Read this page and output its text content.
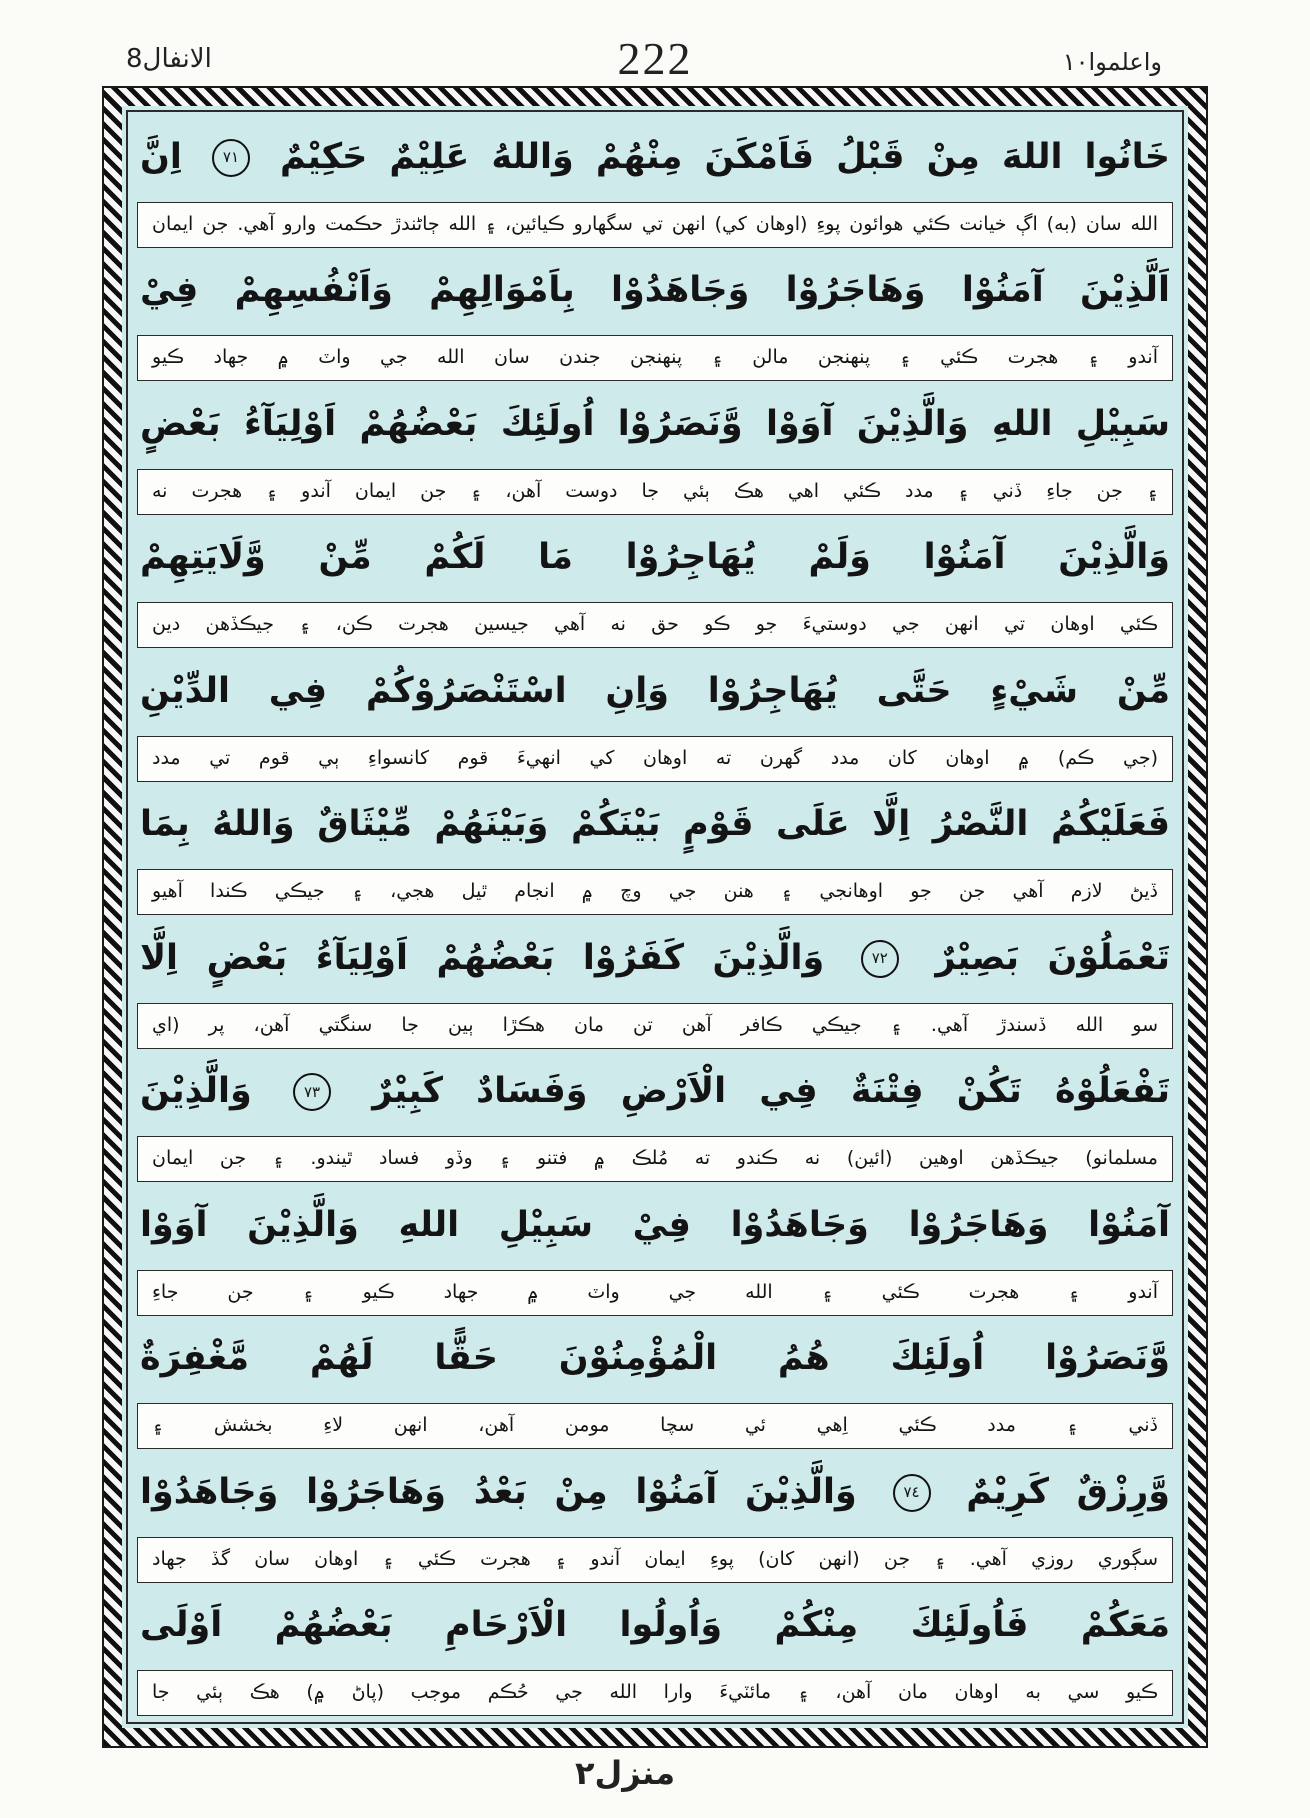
الانفال8	222	واعلموا١٠
خَانُوا اللهَ مِنْ قَبْلُ فَاَمْكَنَ مِنْهُمْ وَاللهُ عَلِيْمٌ حَكِيْمٌ ٧١ اِنَّ
الله سان (به) اڳ خيانت ڪئي هوائون پوءِ (اوهان کي) انهن تي سگهارو ڪيائين، ۽ الله ڄاڻندڙ حڪمت وارو آهي. جن ايمان
اَلَّذِيْنَ آمَنُوْا وَهَاجَرُوْا وَجَاهَدُوْا بِاَمْوَالِهِمْ وَاَنْفُسِهِمْ فِيْ
آندو ۽ هجرت ڪئي ۽ پنهنجن مالن ۽ پنهنجن جندن سان الله جي واٽ ۾ جهاد ڪيو
سَبِيْلِ اللهِ وَالَّذِيْنَ آوَوْا وَّنَصَرُوْا اُولَئِكَ بَعْضُهُمْ اَوْلِيَآءُ بَعْضٍ
۽ جن جاءِ ڏني ۽ مدد ڪئي اهي هڪ ٻئي جا دوست آهن، ۽ جن ايمان آندو ۽ هجرت نه
وَالَّذِيْنَ آمَنُوْا وَلَمْ يُهَاجِرُوْا مَا لَكُمْ مِّنْ وَّلَايَتِهِمْ
ڪئي اوهان تي انهن جي دوستيءَ جو ڪو حق نه آهي جيسين هجرت ڪن، ۽ جيڪڏهن دين
مِّنْ شَيْءٍ حَتَّى يُهَاجِرُوْا وَاِنِ اسْتَنْصَرُوْكُمْ فِي الدِّيْنِ
(جي ڪم) ۾ اوهان کان مدد گهرن ته اوهان کي انهيءَ قوم کانسواءِ ٻي قوم تي مدد
فَعَلَيْكُمُ النَّصْرُ اِلَّا عَلَى قَوْمٍ بَيْنَكُمْ وَبَيْنَهُمْ مِّيْثَاقٌ وَاللهُ بِمَا
ڏيڻ لازم آهي جن جو اوهانجي ۽ هنن جي وچ ۾ انجام ٿيل هجي، ۽ جيڪي ڪندا آهيو
تَعْمَلُوْنَ بَصِيْرٌ ٧٢ وَالَّذِيْنَ كَفَرُوْا بَعْضُهُمْ اَوْلِيَآءُ بَعْضٍ اِلَّا
سو الله ڏسندڙ آهي. ۽ جيڪي ڪافر آهن تن مان هڪڙا ٻين جا سنگتي آهن، پر (اي
تَفْعَلُوْهُ تَكُنْ فِتْنَةٌ فِي الْاَرْضِ وَفَسَادٌ كَبِيْرٌ ٧٣ وَالَّذِيْنَ
مسلمانو) جيڪڏهن اوهين (ائين) نه ڪندو ته مُلڪ ۾ فتنو ۽ وڏو فساد ٿيندو. ۽ جن ايمان
آمَنُوْا وَهَاجَرُوْا وَجَاهَدُوْا فِيْ سَبِيْلِ اللهِ وَالَّذِيْنَ آوَوْا
آندو ۽ هجرت ڪئي ۽ الله جي واٽ ۾ جهاد ڪيو ۽ جن جاءِ
وَّنَصَرُوْا اُولَئِكَ هُمُ الْمُؤْمِنُوْنَ حَقًّا لَهُمْ مَّغْفِرَةٌ
ڏني ۽ مدد ڪئي اِهي ئي سچا مومن آهن، انهن لاءِ بخشش ۽
وَّرِزْقٌ كَرِيْمٌ ٧٤ وَالَّذِيْنَ آمَنُوْا مِنْ بَعْدُ وَهَاجَرُوْا وَجَاهَدُوْا
سڳوري روزي آهي. ۽ جن (انهن کان) پوءِ ايمان آندو ۽ هجرت ڪئي ۽ اوهان سان گڏ جهاد
مَعَكُمْ فَاُولَئِكَ مِنْكُمْ وَاُولُوا الْاَرْحَامِ بَعْضُهُمْ اَوْلَى
ڪيو سي به اوهان مان آهن، ۽ مائٽيءَ وارا الله جي حُڪم موجب (پاڻ ۾) هڪ ٻئي جا
منزل٢
